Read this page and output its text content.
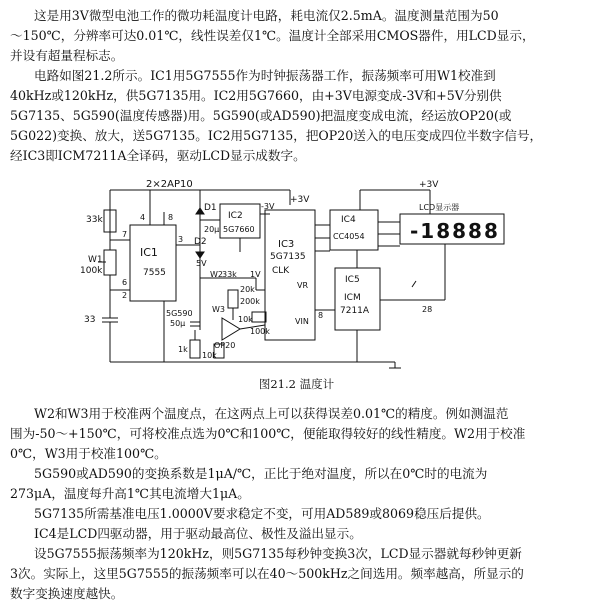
这是用3V微型电池工作的微功耗温度计电路，耗电流仅2.5mA。温度测量范围为50

～150℃，分辨率可达0.01℃，线性误差仅1℃。温度计全部采用CMOS器件，用LCD显示，

并设有超量程标志。

电路如图21.2所示。IC1用5G7555作为时钟振荡器工作，振荡频率可用W1校准到

40kHz或120kHz，供5G7135用。IC2用5G7660，由+3V电源变成-3V和+5V分别供

5G7135、5G590(温度传感器)用。5G590(或AD590)把温度变成电流，经运放OP20(或

5G022)变换、放大，送5G7135。IC2用5G7135，把OP20送入的电压变成四位半数字信号，

经IC3即ICM7211A全译码，驱动LCD显示成数字。

2×2AP10
33k
W1
100k
33
IC1
7555
4	8
7
6
2
3
D1
D2
20μ
5V
IC2
5G7660
-3V
+3V
IC3
5G7135
CLK
VR
VIN
W2 33k 1V
20k
200k
W3
10k
100k
5G590
50μ
OP20
10k
1k
IC4
CC4054
+3V
LCD显示器
-18888
IC5
ICM
7211A
8
28
图21.2 温度计

W2和W3用于校准两个温度点，在这两点上可以获得误差0.01℃的精度。例如测温范

围为-50～+150℃，可将校准点选为0℃和100℃，便能取得较好的线性精度。W2用于校准

0℃，W3用于校准100℃。

5G590或AD590的变换系数是1μA/℃，正比于绝对温度，所以在0℃时的电流为

273μA，温度每升高1℃其电流增大1μA。

5G7135所需基准电压1.0000V要求稳定不变，可用AD589或8069稳压后提供。

IC4是LCD四驱动器，用于驱动最高位、极性及溢出显示。

设5G7555振荡频率为120kHz，则5G7135每秒钟变换3次，LCD显示器就每秒钟更新

3次。实际上，这里5G7555的振荡频率可以在40～500kHz之间选用。频率越高，所显示的

数字变换速度越快。
